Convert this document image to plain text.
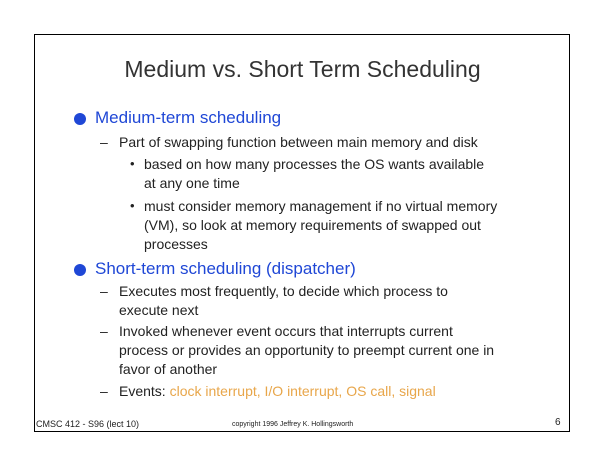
Medium vs. Short Term Scheduling
Medium-term scheduling
– Part of swapping function between main memory and disk
• based on how many processes the OS wants available
at any one time
• must consider memory management if no virtual memory
(VM), so look at memory requirements of swapped out
processes
Short-term scheduling (dispatcher)
– Executes most frequently, to decide which process to
execute next
– Invoked whenever event occurs that interrupts current
process or provides an opportunity to preempt current one in
favor of another
– Events: clock interrupt, I/O interrupt, OS call, signal
CMSC 412 - S96 (lect 10)	copyright 1996 Jeffrey K. Hollingsworth	6
